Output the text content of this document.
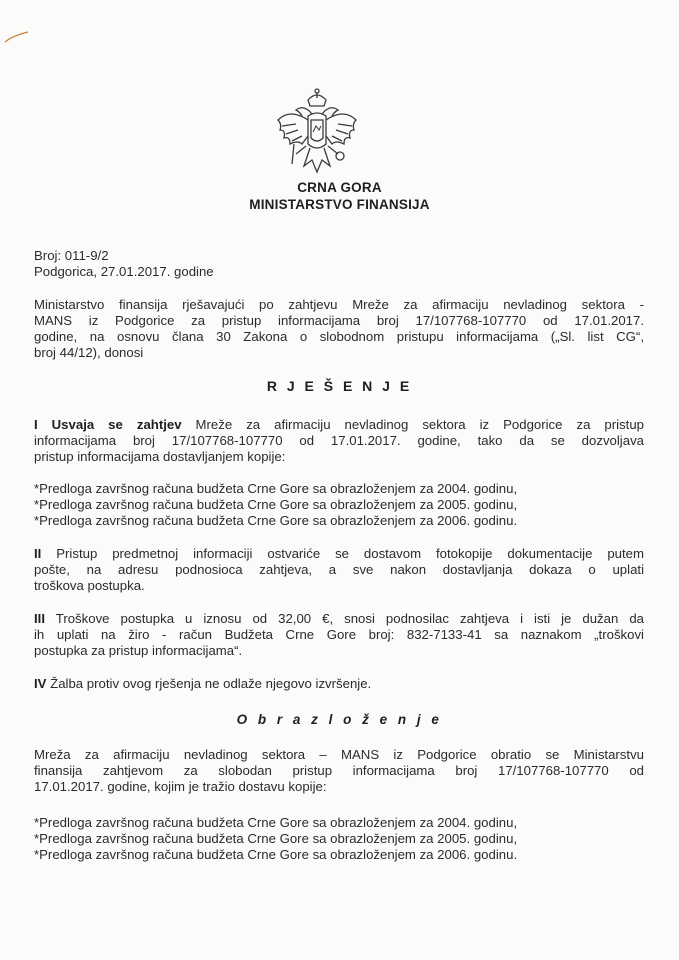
CRNA GORA
MINISTARSTVO FINANSIJA
Broj: 011-9/2
Podgorica, 27.01.2017. godine
Ministarstvo finansija rješavajući po zahtjevu Mreže za afirmaciju nevladinog sektora -
MANS iz Podgorice za pristup informacijama broj 17/107768-107770 od 17.01.2017.
godine, na osnovu člana 30 Zakona o slobodnom pristupu informacijama („Sl. list CG“,
broj 44/12), donosi
R J E Š E N J E
I Usvaja se zahtjev Mreže za afirmaciju nevladinog sektora iz Podgorice za pristup
informacijama broj 17/107768-107770 od 17.01.2017. godine, tako da se dozvoljava
pristup informacijama dostavljanjem kopije:
*Predloga završnog računa budžeta Crne Gore sa obrazloženjem za 2004. godinu,
*Predloga završnog računa budžeta Crne Gore sa obrazloženjem za 2005. godinu,
*Predloga završnog računa budžeta Crne Gore sa obrazloženjem za 2006. godinu.
II Pristup predmetnoj informaciji ostvariće se dostavom fotokopije dokumentacije putem
pošte, na adresu podnosioca zahtjeva, a sve nakon dostavljanja dokaza o uplati
troškova postupka.
III Troškove postupka u iznosu od 32,00 €, snosi podnosilac zahtjeva i isti je dužan da
ih uplati na žiro - račun Budžeta Crne Gore broj: 832-7133-41 sa naznakom „troškovi
postupka za pristup informacijama“.
IV Žalba protiv ovog rješenja ne odlaže njegovo izvršenje.
O b r a z l o ž e n j e
Mreža za afirmaciju nevladinog sektora – MANS iz Podgorice obratio se Ministarstvu
finansija zahtjevom za slobodan pristup informacijama broj 17/107768-107770 od
17.01.2017. godine, kojim je tražio dostavu kopije:
*Predloga završnog računa budžeta Crne Gore sa obrazloženjem za 2004. godinu,
*Predloga završnog računa budžeta Crne Gore sa obrazloženjem za 2005. godinu,
*Predloga završnog računa budžeta Crne Gore sa obrazloženjem za 2006. godinu.
